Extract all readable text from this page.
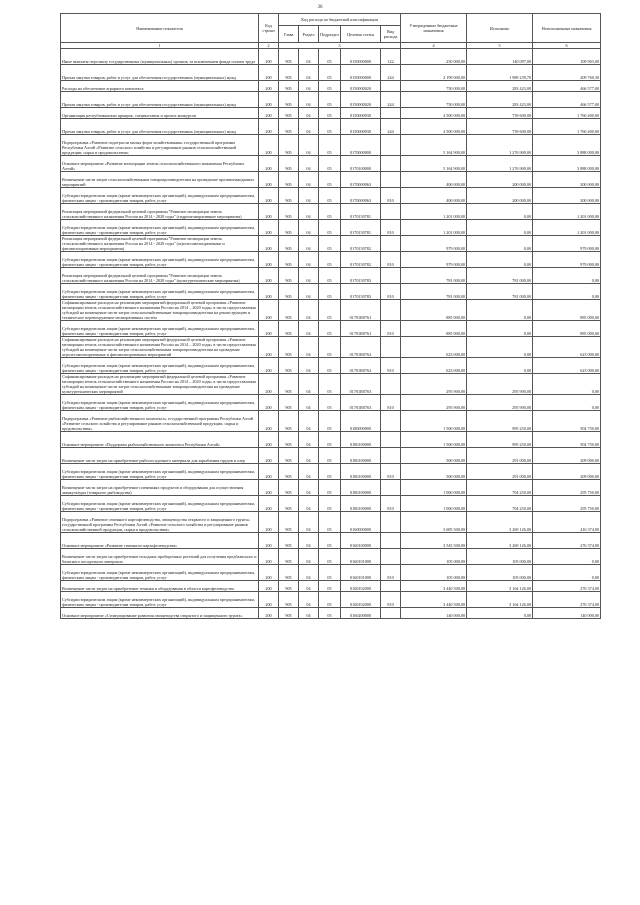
36
Наименование показателя	Код строки	Код расхода по бюджетной классификации					Утвержденные бюджетные назначения	Исполнено	Неисполненные назначения
		Глава	Раздел	Подраздел	Целевая статья	Вид расхода			
1	2	3					4	5	6
Иные выплаты персоналу государственных (муниципальных) органов, за исключением фонда оплаты труда	200	905	04	05	0150000000	122	250 000,00	140 097,00	109 903,00
Прочая закупка товаров, работ и услуг для обеспечения государственных (муниципальных) нужд	200	905	04	05	0150000000	244	2 199 000,00	1 989 239,70	209 760,30
Расходы на обеспечение аграрного комплекса	200	905	04	05	0150000020		750 000,00	283 423,00	466 577,00
Прочая закупка товаров, работ и услуг для обеспечения государственных (муниципальных) нужд	200	905	04	05	0150000020	244	750 000,00	283 423,00	466 577,00
Организация республиканских ярмарок, спецвыставок и прочих конкурсов	200	905	04	05	0150000030		2 500 000,00	739 600,00	1 760 400,00
Прочая закупка товаров, работ и услуг для обеспечения государственных (муниципальных) нужд	200	905	04	05	0150000030	244	2 500 000,00	739 600,00	1 760 400,00
Подпрограмма «Развитие подотрасли малых форм хозяйствования» государственной программы Республики Алтай «Развитие сельского хозяйства и регулирование рынков сельскохозяйственной продукции, сырья и продовольствия»	200	905	04	05	0170000000		5 164 900,00	1 276 900,00	3 888 000,00
Основное мероприятие «Развитие мелиорации земель сельскохозяйственного назначения Республики Алтай»	200	905	04	05	0170100000		5 164 900,00	1 276 900,00	3 888 000,00
Возмещение части затрат сельскохозяйственным товаропроизводителям на проведение противопаводковых мероприятий	200	905	04	05	0170000063		400 000,00	200 000,00	200 000,00
Субсидии юридическим лицам (кроме некоммерческих организаций), индивидуальным предпринимателям, физическим лицам - производителям товаров, работ, услуг	200	905	04	05	0170000063	810	400 000,00	200 000,00	200 000,00
Реализация мероприятий федеральной целевой программы "Развитие мелиорации земель сельскохозяйственного назначения России на 2014 - 2020 годы" (гидромелиоративные мероприятия)	200	905	04	05	0170150781		1 201 000,00	0,00	1 201 000,00
Субсидии юридическим лицам (кроме некоммерческих организаций), индивидуальным предпринимателям, физическим лицам - производителям товаров, работ, услуг	200	905	04	05	0170150781	810	1 201 000,00	0,00	1 201 000,00
Реализация мероприятий федеральной целевой программы "Развитие мелиорации земель сельскохозяйственного назначения России на 2014 - 2020 годы" (агролесомелиоративные и фитомелиоративные мероприятия)	200	905	04	05	0170150782		979 000,00	0,00	979 000,00
Субсидии юридическим лицам (кроме некоммерческих организаций), индивидуальным предпринимателям, физическим лицам - производителям товаров, работ, услуг	200	905	04	05	0170150782	810	979 000,00	0,00	979 000,00
Реализация мероприятий федеральной целевой программы "Развитие мелиорации земель сельскохозяйственного назначения России на 2014 - 2020 годы" (культуртехнические мероприятия)	200	905	04	05	0170150783		781 000,00	781 000,00	0,00
Субсидии юридическим лицам (кроме некоммерческих организаций), индивидуальным предпринимателям, физическим лицам - производителям товаров, работ, услуг	200	905	04	05	0170150783	810	781 000,00	781 000,00	0,00
Софинансирование расходов на реализацию мероприятий федеральной целевой программы «Развитие мелиорации земель сельскохозяйственного назначения России на 2014 – 2020 годы» в части предоставления субсидий на возмещение части затрат сельскохозяйственным товаропроизводителям на реконструкцию и техническое перевооружение мелиоративных систем	200	905	04	05	01701R0761		885 000,00	0,00	885 000,00
Субсидии юридическим лицам (кроме некоммерческих организаций), индивидуальным предпринимателям, физическим лицам - производителям товаров, работ, услуг	200	905	04	05	01701R0761	810	885 000,00	0,00	885 000,00
Софинансирование расходов на реализацию мероприятий федеральной целевой программы «Развитие мелиорации земель сельскохозяйственного назначения России на 2014 – 2020 годы» в части предоставления субсидий на возмещение части затрат сельскохозяйственным товаропроизводителям на проведение агролесомелиоративных и фитомелиоративных мероприятий	200	905	04	05	01701R0762		623 000,00	0,00	623 000,00
Субсидии юридическим лицам (кроме некоммерческих организаций), индивидуальным предпринимателям, физическим лицам - производителям товаров, работ, услуг	200	905	04	05	01701R0762	810	623 000,00	0,00	623 000,00
Софинансирование расходов на реализацию мероприятий федеральной целевой программы «Развитие мелиорации земель сельскохозяйственного назначения России на 2014 – 2020 годы» в части предоставления субсидий на возмещение части затрат сельскохозяйственным товаропроизводителям на проведение культуртехнических мероприятий	200	905	04	05	01701R0763		295 900,00	295 900,00	0,00
Субсидии юридическим лицам (кроме некоммерческих организаций), индивидуальным предпринимателям, физическим лицам - производителям товаров, работ, услуг	200	905	04	05	01701R0763	810	295 900,00	295 900,00	0,00
Подпрограмма «Развитие рыбохозяйственного комплекса» государственной программы Республики Алтай «Развитие сельского хозяйства и регулирование рынков сельскохозяйственной продукции, сырья и продовольствия»	200	905	04	05	0180000000		1 500 000,00	995 250,00	504 750,00
Основное мероприятие «Поддержка рыбохозяйственного комплекса Республики Алтай»	200	905	04	05	0180100000		1 500 000,00	995 250,00	504 750,00
Возмещение части затрат на приобретение рыбопосадочного материала для зарыбления прудов и озер	200	905	04	05	0180100000		500 000,00	291 000,00	209 000,00
Субсидии юридическим лицам (кроме некоммерческих организаций), индивидуальным предпринимателям, физическим лицам - производителям товаров, работ, услуг	200	905	04	05	0180100000	810	500 000,00	291 000,00	209 000,00
Возмещение части затрат на приобретение племенных продуктов и оборудования для осуществления аквакультуры (товарного рыбоводства)	200	905	04	05	0180100000		1 000 000,00	704 250,00	295 750,00
Субсидии юридическим лицам (кроме некоммерческих организаций), индивидуальным предпринимателям, физическим лицам - производителям товаров, работ, услуг	200	905	04	05	0180100000	810	1 000 000,00	704 250,00	295 750,00
Подпрограмма «Развитие семенного картофелеводства, овощеводства открытого и защищенного грунта» государственной программы Республики Алтай «Развитие сельского хозяйства и регулирование рынков сельскохозяйственной продукции, сырья и продовольствия»	200	905	04	05	0160000000		3 685 500,00	3 269 126,00	416 374,00
Основное мероприятие «Развитие семенного картофелеводства»	200	905	04	05	0160100000		3 545 500,00	3 269 126,00	276 374,00
Возмещение части затрат на приобретение исходных пробирочных растений для получения предбазисного и базисного посадочного материала	200	905	04	05	0160101000		105 000,00	105 000,00	0,00
Субсидии юридическим лицам (кроме некоммерческих организаций), индивидуальным предпринимателям, физическим лицам - производителям товаров, работ, услуг	200	905	04	05	0160101000	810	105 000,00	105 000,00	0,00
Возмещение части затрат на приобретение техники и оборудования в области картофелеводства	200	905	04	05	0160102000		3 440 500,00	3 164 126,00	276 374,00
Субсидии юридическим лицам (кроме некоммерческих организаций), индивидуальным предпринимателям, физическим лицам - производителям товаров, работ, услуг	200	905	04	05	0160102000	810	3 440 500,00	3 164 126,00	276 374,00
Основное мероприятие «Стимулирование развития овощеводства открытого и защищенного грунта»	200	905	04	05	0160200000		140 000,00	0,00	140 000,00
